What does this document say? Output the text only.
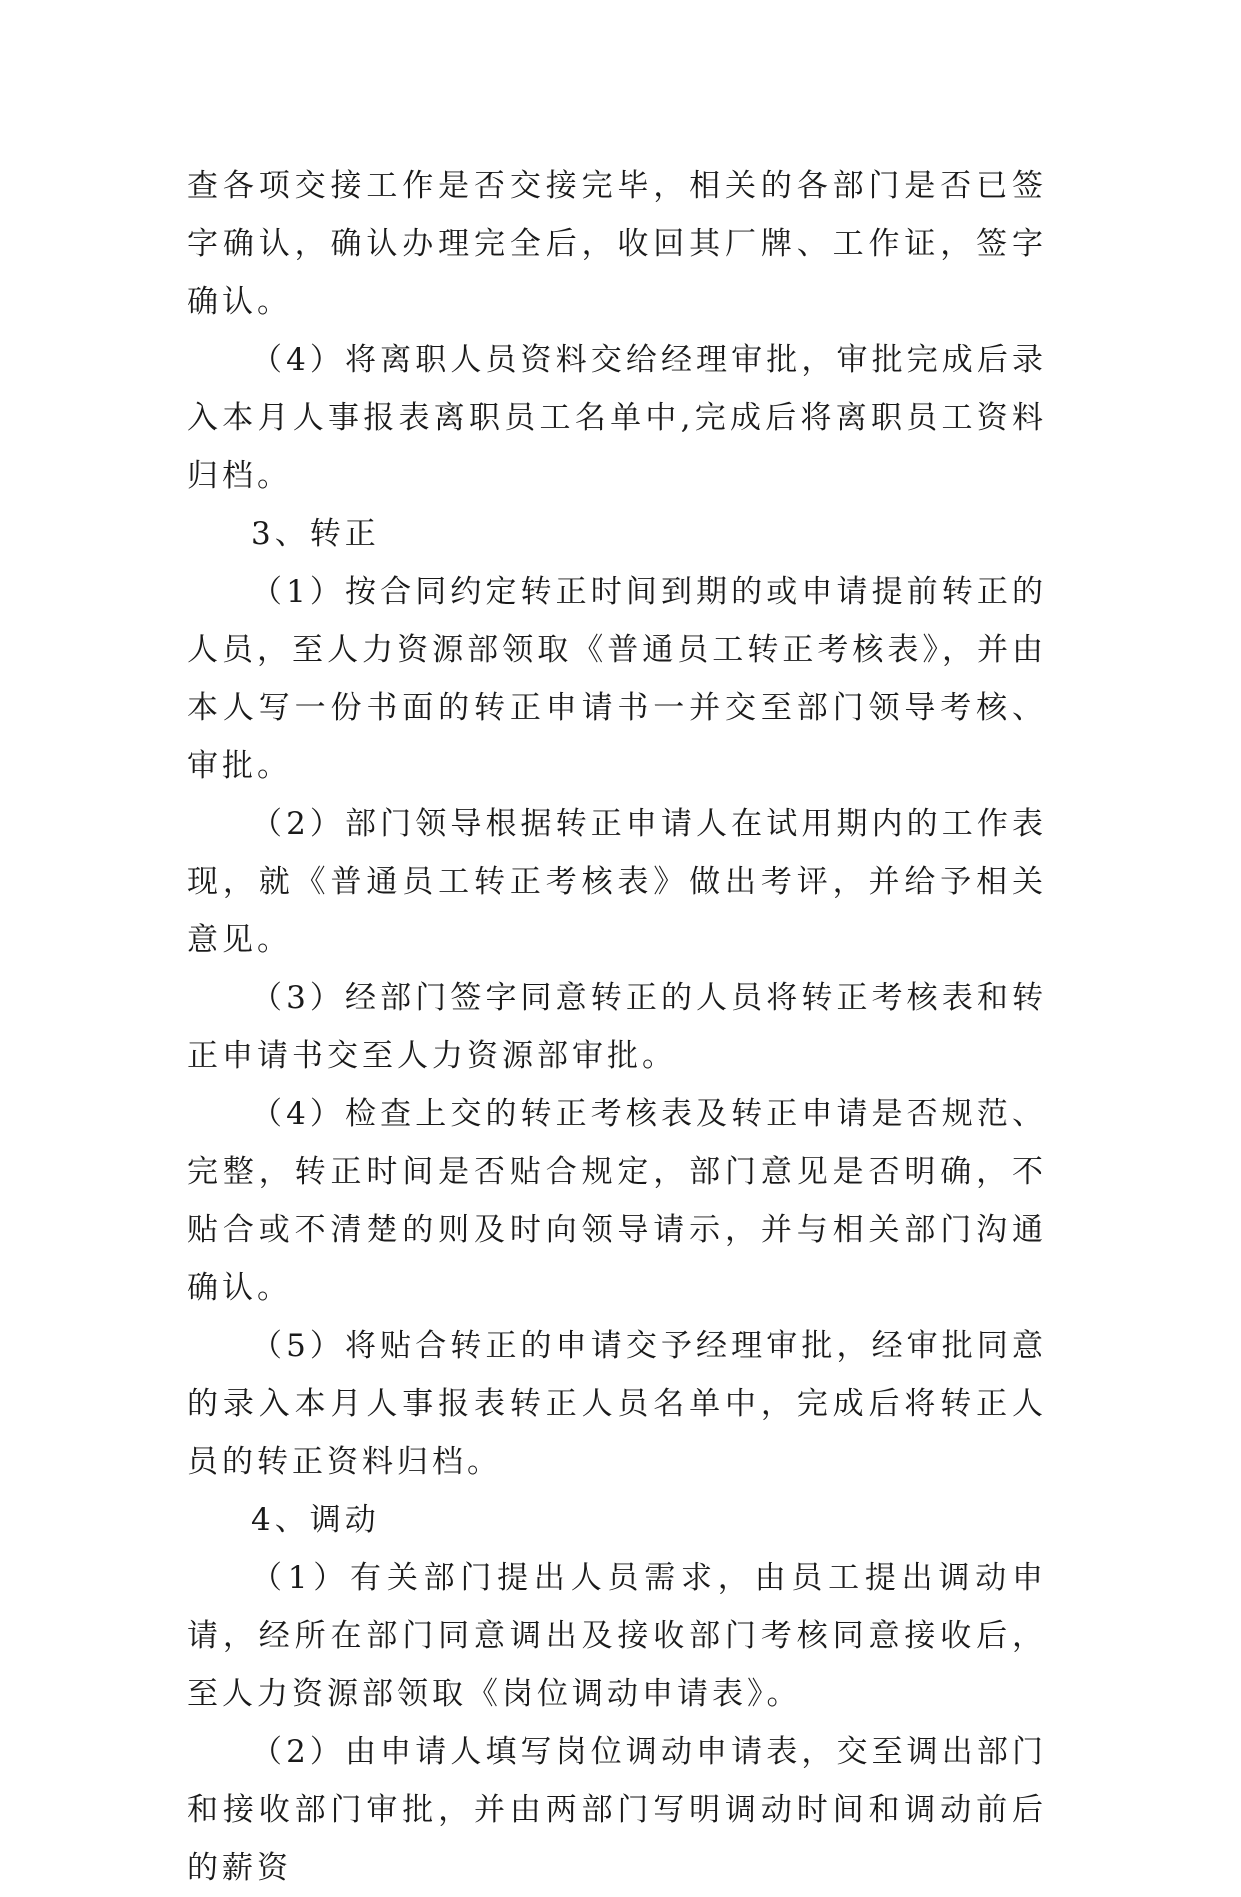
查各项交接工作是否交接完毕，相关的各部门是否已签字确认，确认办理完全后，收回其厂牌、工作证，签字确认。

（4）将离职人员资料交给经理审批，审批完成后录入本月人事报表离职员工名单中,完成后将离职员工资料归档。

3、转正

（1）按合同约定转正时间到期的或申请提前转正的人员，至人力资源部领取《普通员工转正考核表》，并由本人写一份书面的转正申请书一并交至部门领导考核、审批。

（2）部门领导根据转正申请人在试用期内的工作表现，就《普通员工转正考核表》做出考评，并给予相关意见。

（3）经部门签字同意转正的人员将转正考核表和转正申请书交至人力资源部审批。

（4）检查上交的转正考核表及转正申请是否规范、完整，转正时间是否贴合规定，部门意见是否明确，不贴合或不清楚的则及时向领导请示，并与相关部门沟通确认。

（5）将贴合转正的申请交予经理审批，经审批同意的录入本月人事报表转正人员名单中，完成后将转正人员的转正资料归档。

4、调动

（1）有关部门提出人员需求，由员工提出调动申请，经所在部门同意调出及接收部门考核同意接收后，至人力资源部领取《岗位调动申请表》。

（2）由申请人填写岗位调动申请表，交至调出部门和接收部门审批，并由两部门写明调动时间和调动前后的薪资
